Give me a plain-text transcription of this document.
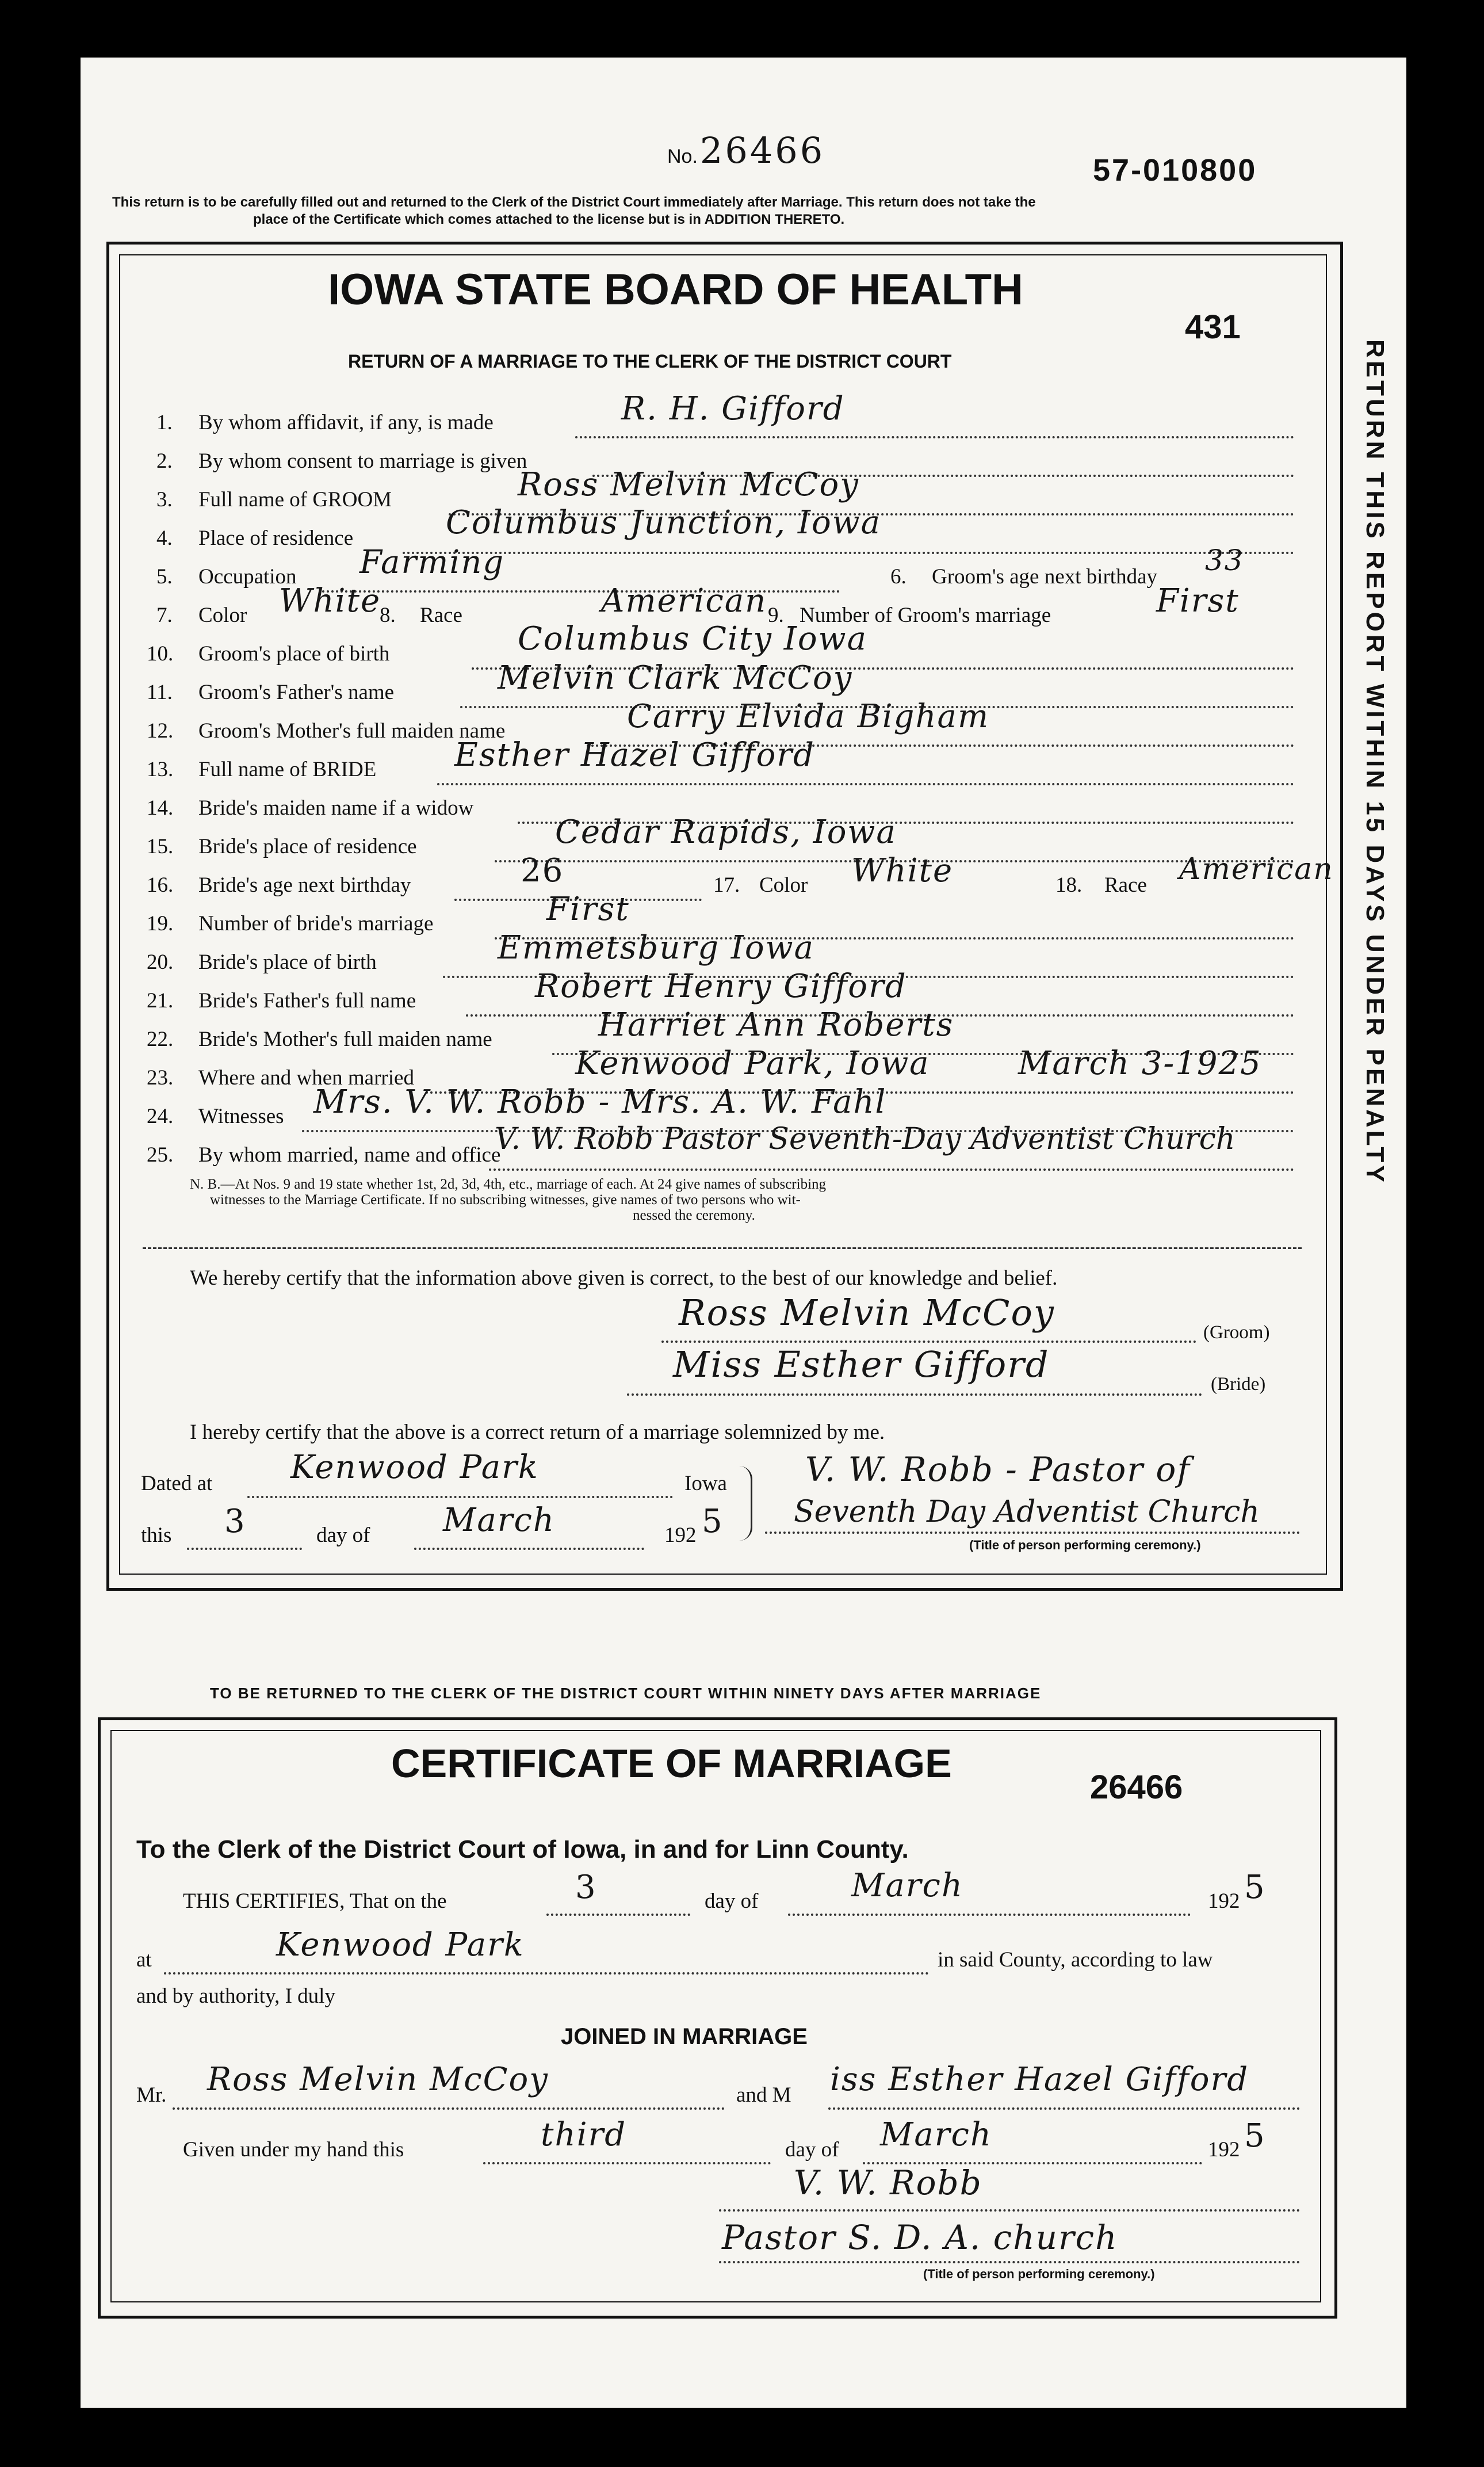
No. 26466	57-010800
This return is to be carefully filled out and returned to the Clerk of the District Court immediately after Marriage. This return does not take the
place of the Certificate which comes attached to the license but is in ADDITION THERETO.
RETURN THIS REPORT WITHIN 15 DAYS UNDER PENALTY
IOWA STATE BOARD OF HEALTH
431
RETURN OF A MARRIAGE TO THE CLERK OF THE DISTRICT COURT
1. By whom affidavit, if any, is made	R. H. Gifford
2. By whom consent to marriage is given
3. Full name of GROOM	Ross Melvin McCoy
4. Place of residence	Columbus Junction, Iowa
5. Occupation Farming	6. Groom's age next birthday 33
7. Color White
8. Race	American 9. Number of Groom's marriage	First
10. Groom's place of birth	Columbus City Iowa
11. Groom's Father's name	Melvin Clark McCoy
12. Groom's Mother's full maiden name	Carry Elvida Bigham
13. Full name of BRIDE Esther Hazel Gifford
14. Bride's maiden name if a widow
15. Bride's place of residence	Cedar Rapids, Iowa
16. Bride's age next birthday	26	17. Color White	18. Race American
19. Number of bride's marriage	First
20. Bride's place of birth	Emmetsburg Iowa
21. Bride's Father's full name	Robert Henry Gifford
22. Bride's Mother's full maiden name	Harriet Ann Roberts
23. Where and when married	Kenwood Park, Iowa	March 3-1925
24. Witnesses Mrs. V. W. Robb - Mrs. A. W. Fahl
25. By whom married, name and office
V. W. Robb Pastor Seventh-Day Adventist Church
N. B.—At Nos. 9 and 19 state whether 1st, 2d, 3d, 4th, etc., marriage of each. At 24 give names of subscribing
witnesses to the Marriage Certificate. If no subscribing witnesses, give names of two persons who wit-
nessed the ceremony.
We hereby certify that the information above given is correct, to the best of our knowledge and belief.
Ross Melvin McCoy	(Groom)
Miss Esther Gifford	(Bride)
I hereby certify that the above is a correct return of a marriage solemnized by me.
Dated at Kenwood Park	Iowa
this 3	day of March	192 5
V. W. Robb - Pastor of
Seventh Day Adventist Church
(Title of person performing ceremony.)
TO BE RETURNED TO THE CLERK OF THE DISTRICT COURT WITHIN NINETY DAYS AFTER MARRIAGE
CERTIFICATE OF MARRIAGE
26466
To the Clerk of the District Court of Iowa, in and for Linn County.
THIS CERTIFIES, That on the	3	day of	March	192 5
at	Kenwood Park	in said County, according to law
and by authority, I duly
JOINED IN MARRIAGE
Mr. Ross Melvin McCoy	and M iss Esther Hazel Gifford
Given under my hand this	third	day of March	192 5
V. W. Robb
Pastor S. D. A. church
(Title of person performing ceremony.)
